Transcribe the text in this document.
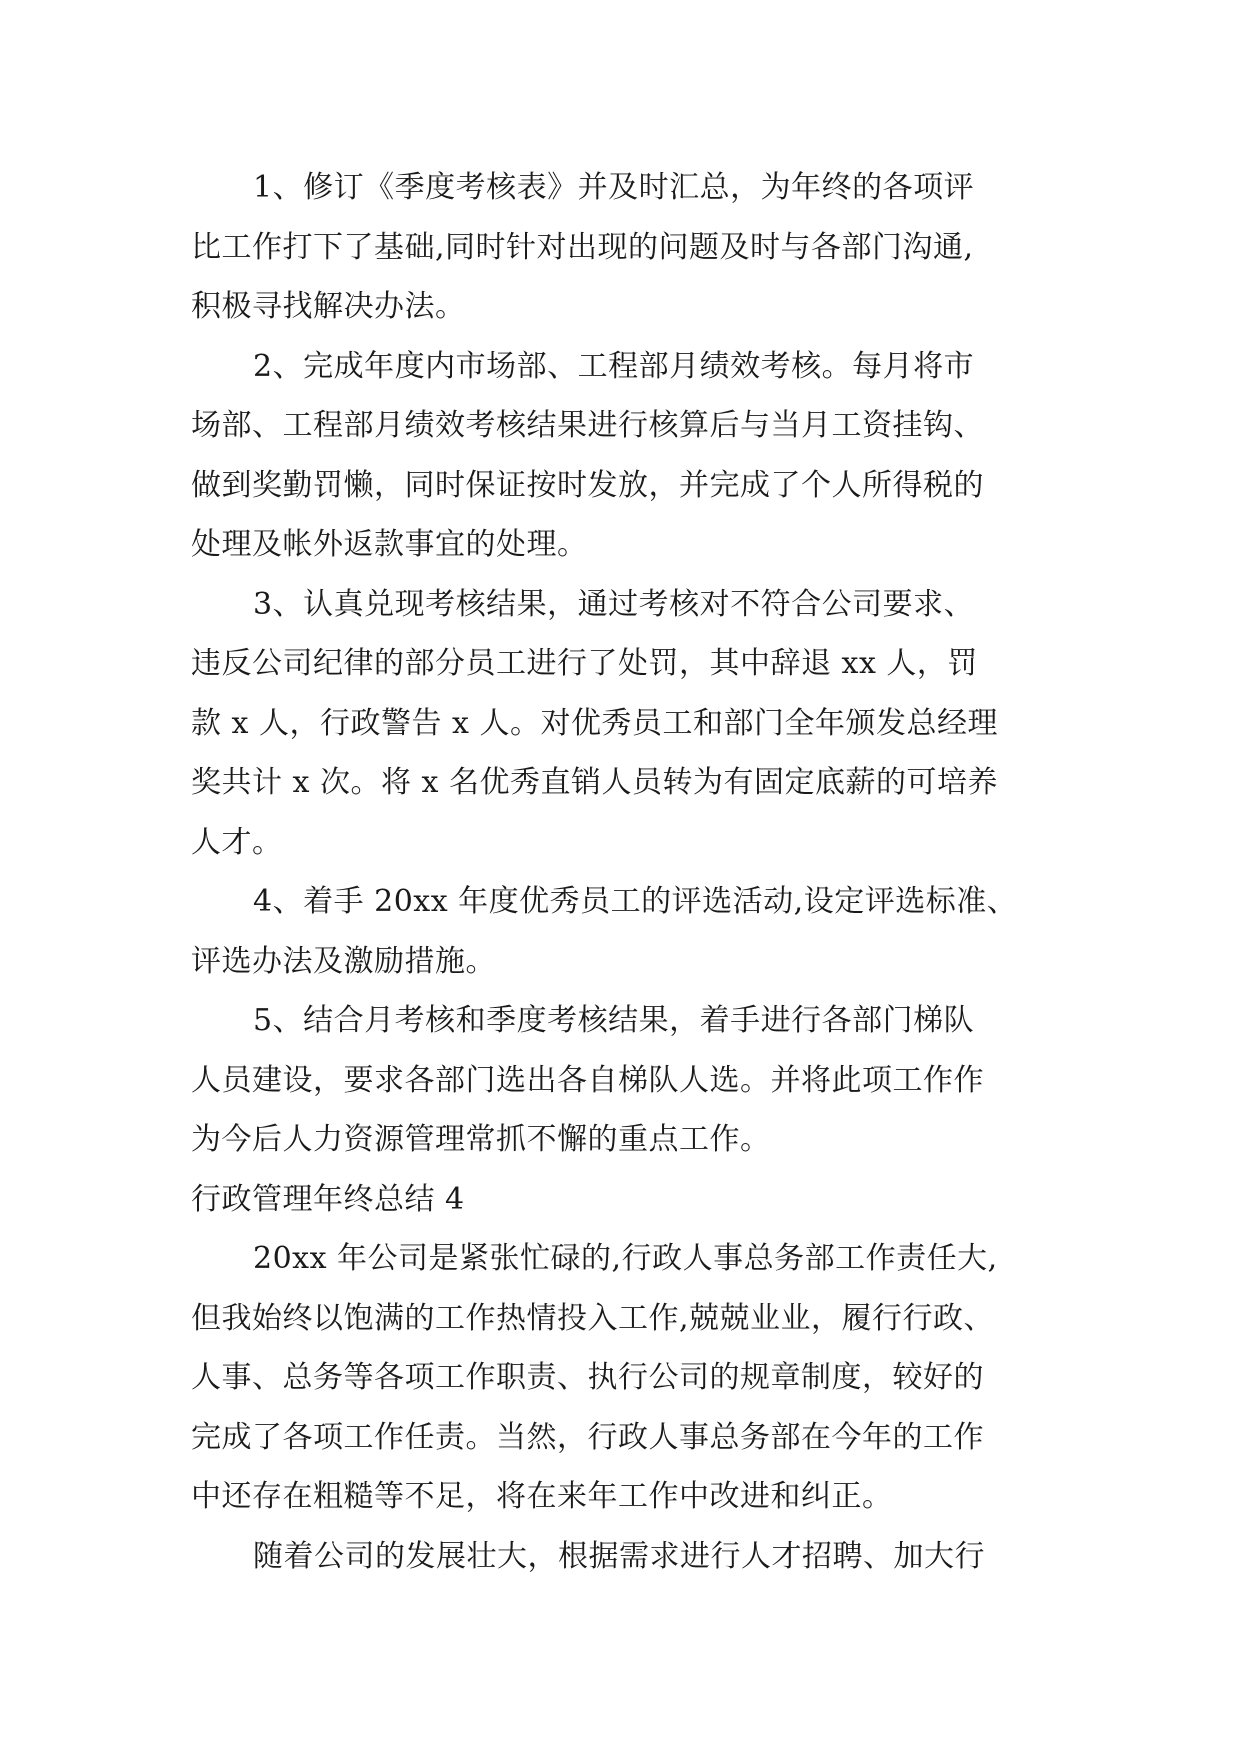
1、修订《季度考核表》并及时汇总，为年终的各项评
比工作打下了基础,同时针对出现的问题及时与各部门沟通,
积极寻找解决办法。
2、完成年度内市场部、工程部月绩效考核。每月将市
场部、工程部月绩效考核结果进行核算后与当月工资挂钩、
做到奖勤罚懒，同时保证按时发放，并完成了个人所得税的
处理及帐外返款事宜的处理。
3、认真兑现考核结果，通过考核对不符合公司要求、
违反公司纪律的部分员工进行了处罚，其中辞退 xx 人，罚
款 x 人，行政警告 x 人。对优秀员工和部门全年颁发总经理
奖共计 x 次。将 x 名优秀直销人员转为有固定底薪的可培养
人才。
4、着手 20xx 年度优秀员工的评选活动,设定评选标准、
评选办法及激励措施。
5、结合月考核和季度考核结果，着手进行各部门梯队
人员建设，要求各部门选出各自梯队人选。并将此项工作作
为今后人力资源管理常抓不懈的重点工作。
行政管理年终总结 4
20xx 年公司是紧张忙碌的,行政人事总务部工作责任大,
但我始终以饱满的工作热情投入工作,兢兢业业，履行行政、
人事、总务等各项工作职责、执行公司的规章制度，较好的
完成了各项工作任责。当然，行政人事总务部在今年的工作
中还存在粗糙等不足，将在来年工作中改进和纠正。
随着公司的发展壮大，根据需求进行人才招聘、加大行
